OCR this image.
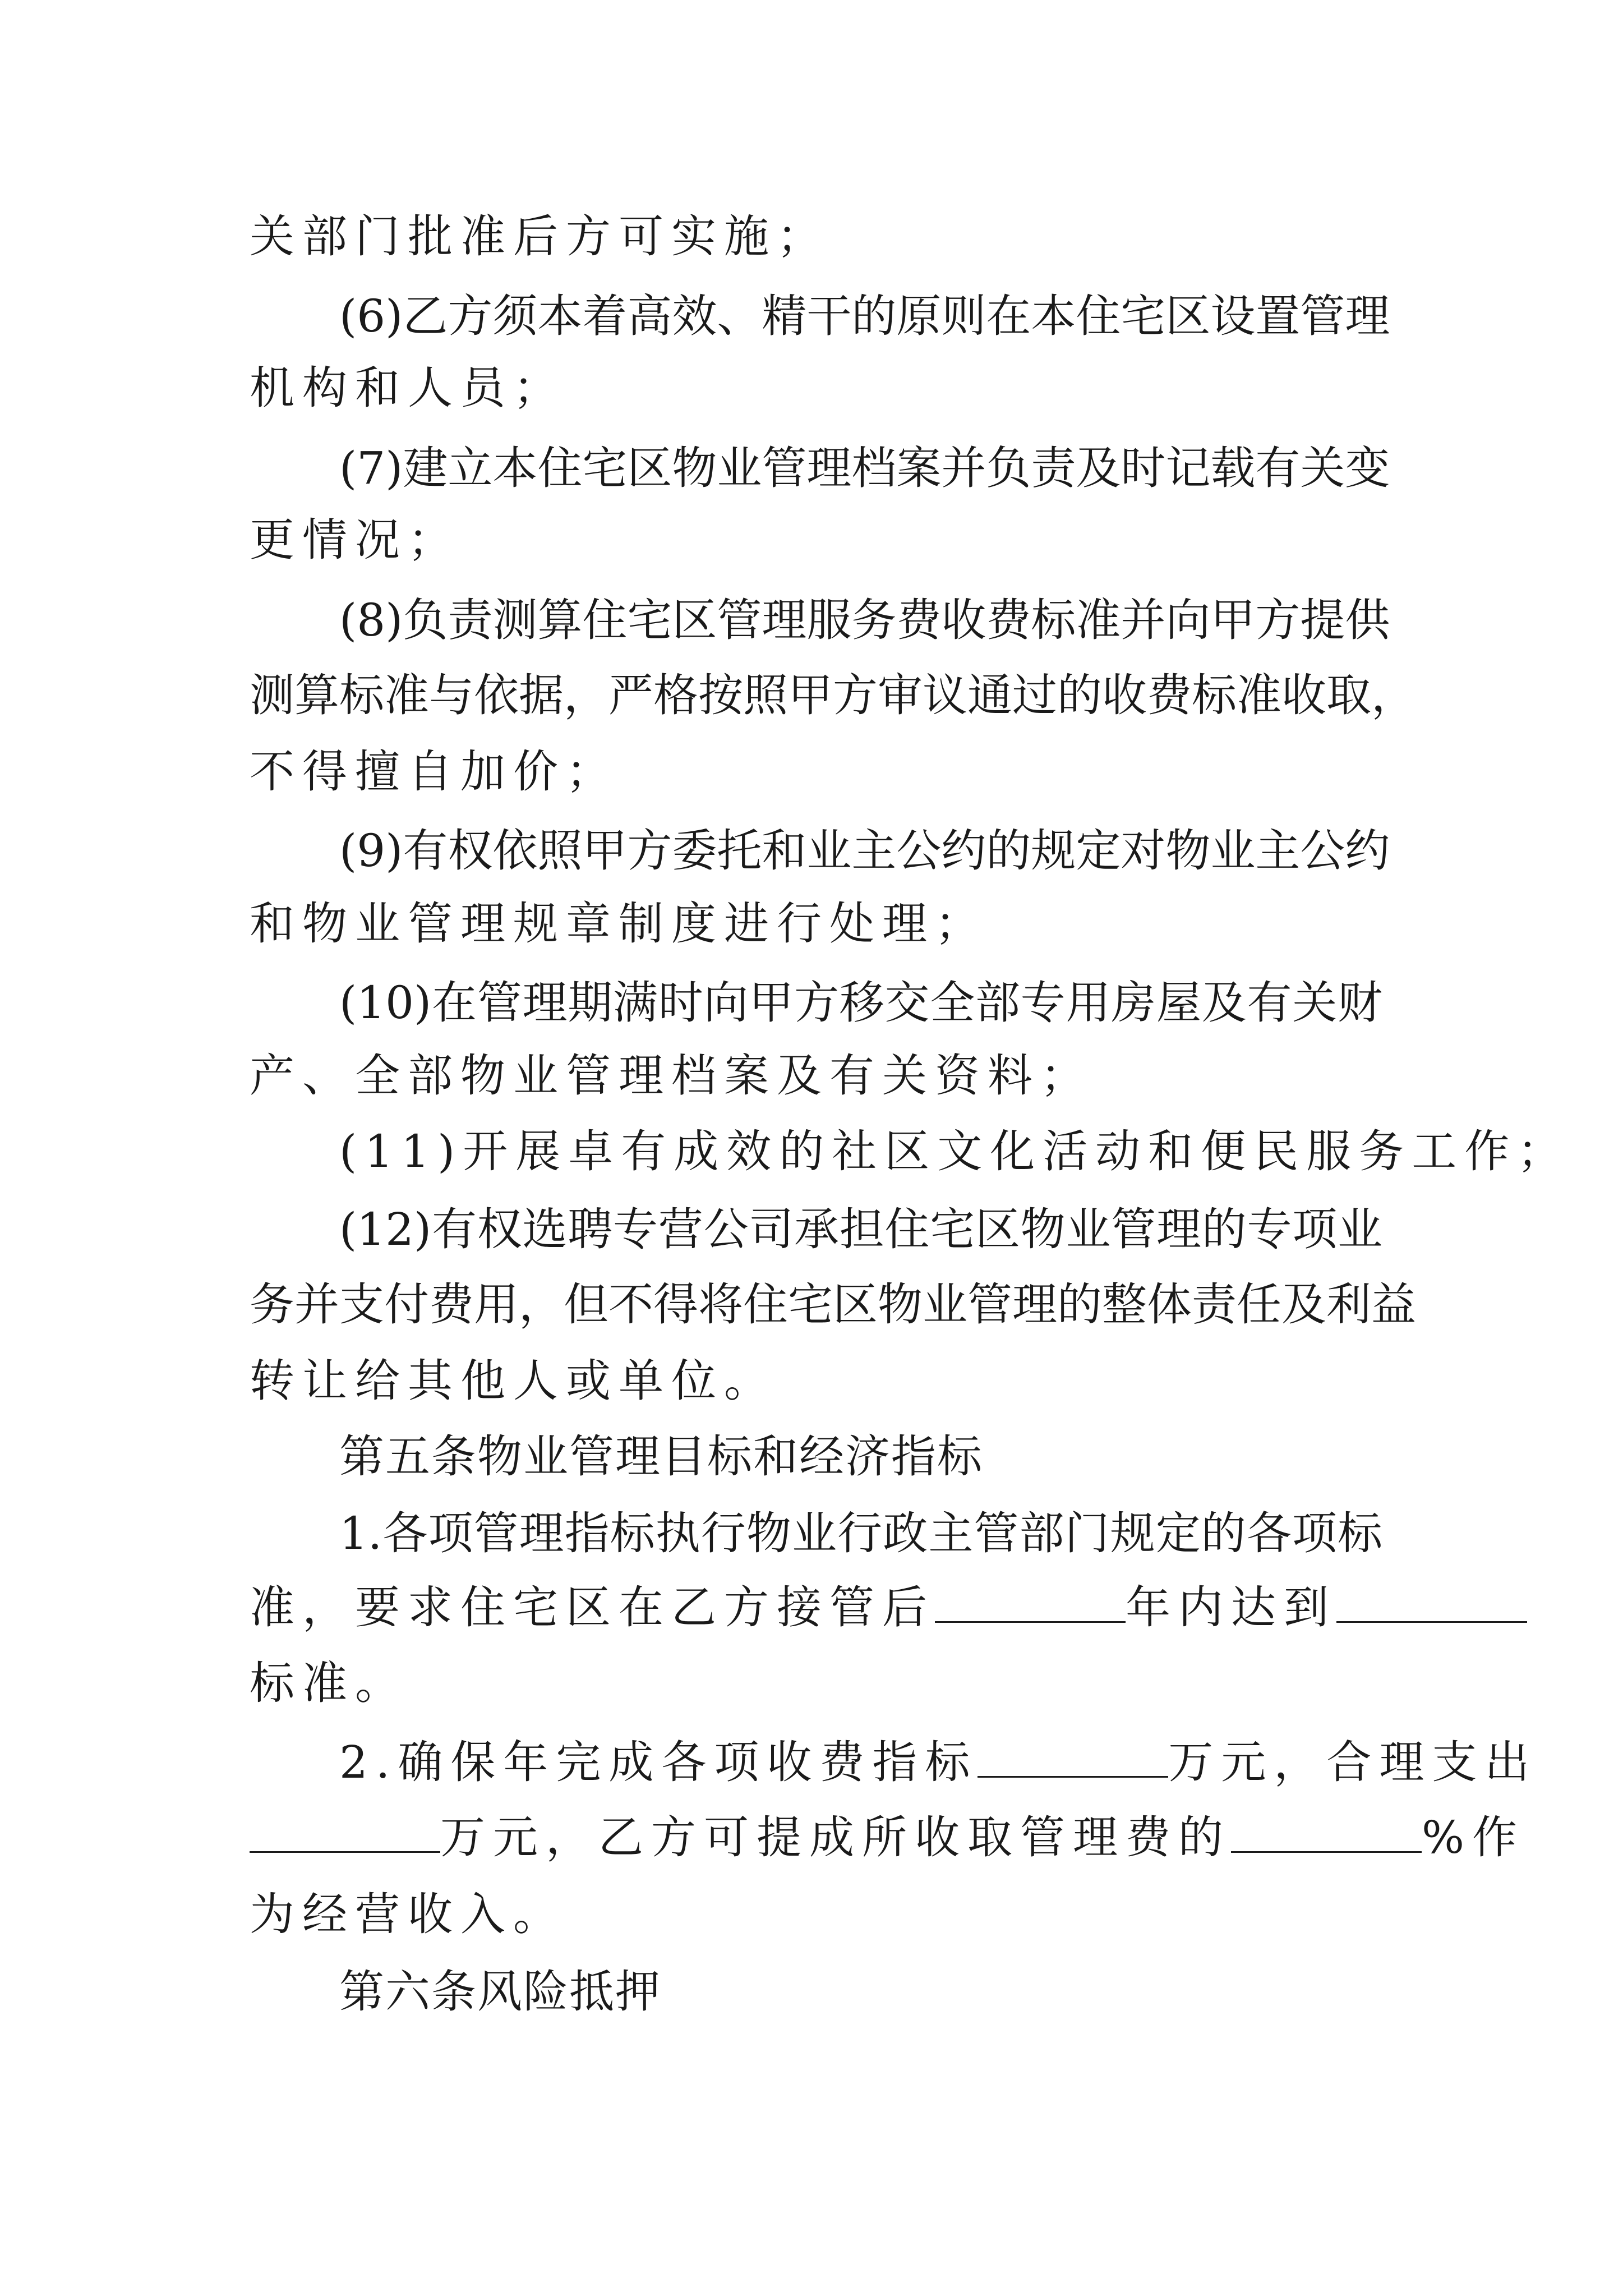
关部门批准后方可实施；
(6)乙方须本着高效、精干的原则在本住宅区设置管理
机构和人员；
(7)建立本住宅区物业管理档案并负责及时记载有关变
更情况；
(8)负责测算住宅区管理服务费收费标准并向甲方提供
测算标准与依据，严格按照甲方审议通过的收费标准收取，
不得擅自加价；
(9)有权依照甲方委托和业主公约的规定对物业主公约
和物业管理规章制度进行处理；
(10)在管理期满时向甲方移交全部专用房屋及有关财
产、全部物业管理档案及有关资料；
(11)开展卓有成效的社区文化活动和便民服务工作；
(12)有权选聘专营公司承担住宅区物业管理的专项业
务并支付费用，但不得将住宅区物业管理的整体责任及利益
转让给其他人或单位。
第五条物业管理目标和经济指标
1.各项管理指标执行物业行政主管部门规定的各项标
准，要求住宅区在乙方接管后	年内达到
标准。
2.确保年完成各项收费指标	万元，合理支出
万元，乙方可提成所收取管理费的	%作
为经营收入。
第六条风险抵押
